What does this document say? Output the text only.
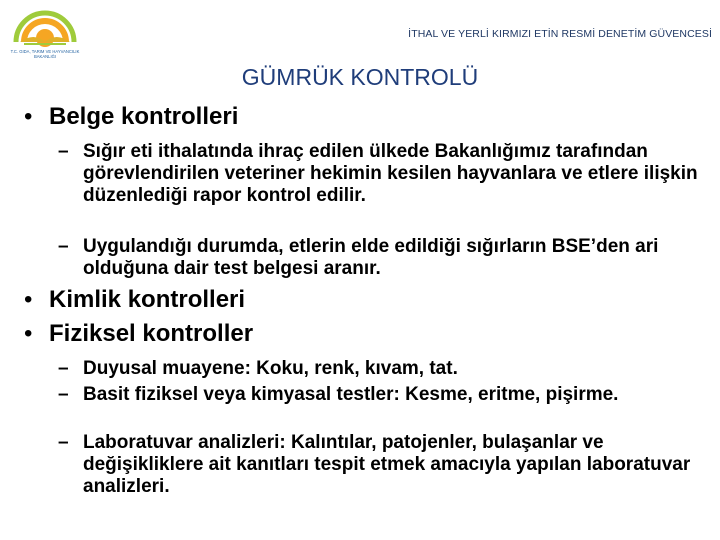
T.C. GIDA, TARIM VE HAYVANCILIK
BAKANLIĞI
İTHAL VE YERLİ KIRMIZI ETİN RESMİ DENETİM GÜVENCESİ
GÜMRÜK KONTROLÜ
• Belge kontrolleri
– Sığır eti ithalatında ihraç edilen ülkede Bakanlığımız tarafından görevlendirilen veteriner hekimin kesilen hayvanlara ve etlere ilişkin düzenlediği rapor kontrol edilir.
– Uygulandığı durumda, etlerin elde edildiği sığırların BSE’den ari olduğuna dair test belgesi aranır.
• Kimlik kontrolleri
• Fiziksel kontroller
– Duyusal muayene: Koku, renk, kıvam, tat.
– Basit fiziksel veya kimyasal testler: Kesme, eritme, pişirme.
– Laboratuvar analizleri: Kalıntılar, patojenler, bulaşanlar ve değişikliklere ait kanıtları tespit etmek amacıyla yapılan laboratuvar analizleri.
